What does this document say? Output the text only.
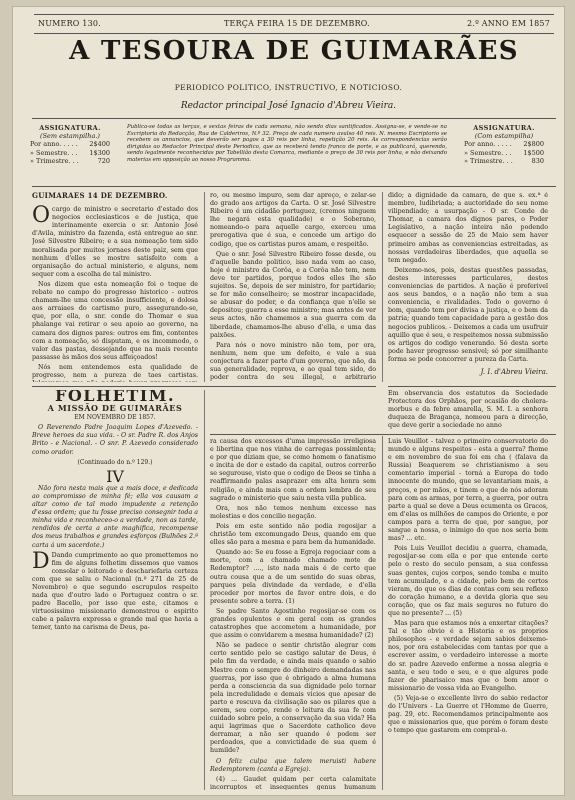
NUMERO 130.	TERÇA FEIRA 15 DE DEZEMBRO.	2.º ANNO EM 1857
A TESOURA DE GUIMARÃES
PERIODICO POLITICO, INSTRUCTIVO, E NOTICIOSO.
Redactor principal José Ignacio d'Abreu Vieira.
ASSIGNATURA.
(Sem estampilha.)
Por anno. . . . . 2$400
» Semestre. . . 1$300
» Trimestre. . .	720
Publica-se todas as terças, e sextas feiras de cada semana, não sendo dias santificados. Assigna-se, e vende-se na Escriptoria do Redacção, Rua de Calderiros, N.º 32. Preço de cada numero avulso 40 reis. N. mesmo Escriptorio se recebem os annuncios, que deverão ser pagos a 30 reis por linha, repetição 20 reis. As correspondencias serão dirigidas ao Redactor Principal deste Periodico, que as receberá tendo franco de porte, e as publicará, querendo, sendo legalmente reconhecidas por Tabellião desta Comarca, mediante o preço de 30 reis por linha, e não deixando materias em opposição ao nosso Programma.
ASSIGNATURA.
(Com estampilha)
Por anno. . . . . 2$800
» Semestre. . . 1$500
» Trimestre. . .	830
GUIMARÃES 14 DE DEZEMBRO.

Ocargo de ministro e secretario d'estado dos negocios ecclesiasticos e de justiça, que interinamente exercia o sr. Antonio José d'Avila, ministro da fazenda, está entregue ao snr. José Silvestre Ribeiro; e a sua nomeação tem sido moralisada por muitos jornaes deste paiz, sem que nenhum d'elles se mostre satisfeito com a organisação do actual ministerio, e alguns, nem sequer com a escolha de tal ministro.

Nos dizem que esta nomeação foi o toque de rebate no campo do progresso historico - outros chamam-lhe uma concessão insufficiente, e dolosa aos arraiaes do cartismo puro, assegurando-se, que, por ella, o snr. conde do Thomar e sua phalange vai retirar o seu apoio ao governo, na camara dos dignos pares: outros em fim, contentes com a nomeação, só disputam, e os incommodo, o valor das pastas, dessejando que na mais recente passasse às mãos dos seus affeiçoados!

Nós nem entendemos esta qualidade de progresso, nem a pureza de taes cartistas.

ro, ou mesmo impuro, sem dar apreço, e zelar-se do grado aos artigos da Carta. O sr. José Silvestre Ribeiro é um cidadão portuguez, (cremos ninguem lhe negará esta qualidade) e o Soberano, nomeando-o para aquelle cargo, exerceu uma prerogativa que é sua, e concede um artigo do codigo, que os cartistas puros amam, e respeitão.

Que o snr. José Silvestre Ribeiro fosse desde, ou d'aquelle bando politico, isso nada vem ao caso, hoje é ministro da Corôa, e a Corôa não tem, nem deve ter partidos, porque todos elles lhe são sujeitos. Se, depois de ser ministro, for partidario; se for mão conselheiro; se mostrar incapacidade, se abusar do poder, e da confiança que n'elle se depositou; guerra a esse ministro; mas antes de ver seus actos, não chamemos a sua guerra com da liberdade, chamamos-lhe abuso d'ella, e uma das paixões.

Para nós o novo ministro não tem, por ora, nenhum, nem que um defeito, e vale a sua conjectura a fazer parte d'um governo, que não, da sua generalidade, reprova, e ao qual tem sido, do poder contra do seu illegal, e arbitrario

dido; a dignidade da camara, de que s. ex.ª é membro, ludibriada; a auctoridade do seu nome vilipendiado; a usurpação - O sr. Conde de Thomar, a camara dos dignos pares, o Poder Legislativo, a nação inteira não podendo esquecer a sessão de 25 de Maio sem haver primeiro ambas as conveniencias estreitadas, as nossas verdadeiras liberdades, que aquella se tem negado.

Deixemo-nos, pois, destas questões passadas, destes interesses particulares, destes conveniencias de partidos. A nação é preferivel aos seus bandos, e a nação não tem a sua conveniencia, e rivalidades. Todo o governo é bom, quando tem por divisa a justiça, e o bem da patria; quando tem capacidade para a gestão dos negocios publicos. - Deixemos a cada um usufruir aquillo que é seu, e respeitemos nossa submissão os artigos do codigo venerando. Só desta sorte pode haver progresso sensivel; só por similhante forma se pode concorrer a pureza da Carta.

J. I. d'Abreu Vieira.

Em observancia dos estatutos da Sociedade Protectora dos Orphãos, por ocasião do cholera-morbus e da febre amarella, S. M. I. a senhora duqueza de Bragança, nomeou para a direcção, que deve gerir a sociedade no anno

FOLHETIM.
A MISSÃO DE GUIMARÃES
EM NOVEMBRO DE 1857.

O Reverendo Padre Joaquim Lopes d'Azevedo. - Breve heroes da sua vida. - O sr. Padre R. dos Anjos Brito - e Nacional. - O snr. P. Azevedo considerado como orador.

(Continuado do n.º 129.)
IV

Não fora nesta mais que a mais doce, e dedicada ao compromisso de minha fé; ella vos causam a altar como de tal modo impudente a retenção d'essa ordem; que tu fosse preciso consegnir toda a minha vida e reconheceo-o a verdade, non as tarde, rendidos de certa a ante maghifica, recompense dos meus trabalhos e grandes esforços (Bulhões 2.ª carta á um sacerdote.)

D Dando cumprimento ao que promettemos no fim de alguns folhetim dissemos que vamos consolar o leitorado e deschariefaria certeza com que se saliu o Nacional (n.º 271 de 25 de Novembro) e que segundo escrupulos respeito nada que d'outro lado o Portuguez contra o sr. padre Bacello, por isso que este, citamos e virtuosissimo missionario demonstrou o espirito cabe a palavra expressa e grande mal que havia a temer, tanto na carisma de Deus, pa-

ra causa dos excessos d'uma impressão irreligiosa e libertina que nos vinha de carregas possimlenta; e por que diziam que, se como homem o fanatismo e incita de dor e estado da capital, outros correrão se segurouse, visto que o codigo de Deos se tinha a reaffirmando palas asaprazer em alta honra sem religião, e ainda mais com a ordem lembra de seu sagrado o ministerio que saiu nesta villa publica.

Ora, nos não temos nenhum excesso nas molestias e dos concilio negação.

Pois em este sentido não podia regosijar a christão tem excomungado Deus, quando em que elles são para a mesma e para bem da humanidade.

Quando ao: Se eu fosse a Egreja regociaar com a morte, com a chamado chamado mote de Redemptor? ...., isto nada mais é de certo que outra cousa que a de um sentido do suas obras, parques pela divindade da verdade, e d'ella proceder por mortos de favor entre dois, e do presente sobre a terra. (1)

Se padre Santo Agostinho regosijar-se com os grandes opulentos e em geral com os grandes catastrophes que accometem a humanidade, por que assim o convidarem a mesma humanidade? (2)

Não se padece o sentir christão alegrar com certo sentido pelo se castigo salutar de Deus, é pelo fim da verdade, e ainda mais quando o sabio Mestre com o sempre do dinheiro demandadas nas guerras, por isso que é obrigado a alma humana perda a consciencia da sua dignidade pelo tornar pela incredulidade e demais vicios que apesar de parto e rescuva da civilisação sao os pilares que a serem, seu corpo, rende o leitura da sua fe com cuidado sobre pelo, a conservação da sua vida? Ha aqui lagrimas que o Sacerdote catholico deve derramar, a não ser quando é podem ser perdoados, que a convictidade de sua quem é humilde?

O feliz culpa que talem meruisti habere Redemptorem (canta a Egreja).

(4) ... Gaudet quidam per certa calamitate incorruptos et insequentes genus humanum

Luis Veuillot - talvez o primeiro conservatorio do mundo e alguns respeitos - esta a guerra? fhome e em novembro de sua foi em cha ( (falava da Russia) Beaquerem se christianismo a seu comentario imperial - torná a Europa do todo innocente do mundo, que se levantariam mais, a preços, e por mãos, e tinem o que de nós adoram para com as armas, por terra, a guerra, por outra parte a qual se deve a Deus ecumenta os Gracos, em d'elas os milhões de campos do Oriente, e por campos para a terra de que, por sangue, por sangue a nossa, o inimigo do que nos seria bem mas? ... etc.

Pois Luis Veuillot decidiu a guerra, chamada, regosijar-se com ella e por que entende certe pelo o resto do seculo pensam, a sua confessa suas gentes, cujos corpos, sendo tomba e muito tem acumulado, e a cidade, pelo bem de certos vieram, do que os dias de contas com seu reflexo do coração humano, e a devida gloria que seu coração, que os faz mais seguros no futuro do que no presente? ... (5)

Mas para que estamos nós a enxertar citações? Tal e tão obvio é a Historia e os proprios philosophos - e verdade sejam sabios deixemo-nos, por ora estabelecidas com tantas por que a escrever assim, o verdadeiro interesse a morte do sr. padre Azevedo enferme a nossa alegria e santa, e seu todo e seu, e e que algures pode fazer de pharisaico mas que o bom amor o missionario de vossa vida ao Evangelho.

(5) Veja-se o excellente livro do sabio redactor do l'Univers - La Guerre et l'Homme de Guerre, pag. 29, etc. Recomendamos principalmente aos que e missionarios que, que porém o foram deste o tempo que gastarem em compral-o.
